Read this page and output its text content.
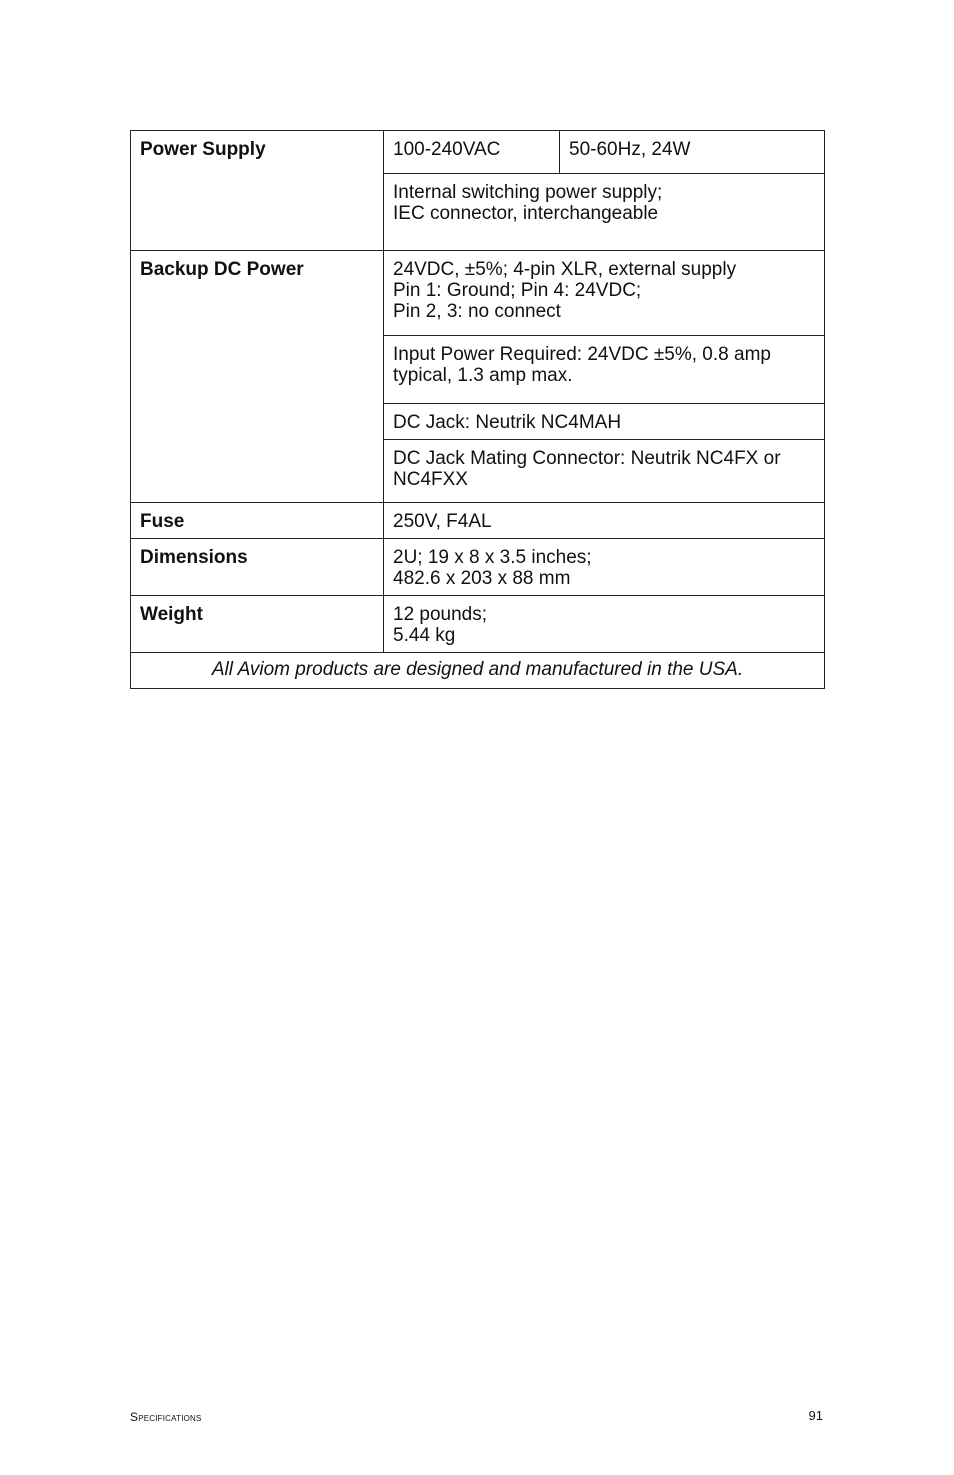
Power Supply	100-240VAC	50-60Hz, 24W

	Internal switching power supply;
IEC connector, interchangeable	

Backup DC Power	24VDC, ±5%; 4-pin XLR, external supply
Pin 1: Ground; Pin 4: 24VDC;
Pin 2, 3: no connect	

	Input Power Required: 24VDC ±5%, 0.8 amp typical, 1.3 amp max.	

	DC Jack: Neutrik NC4MAH	

	DC Jack Mating Connector: Neutrik NC4FX or NC4FXX	

Fuse	250V, F4AL	
Dimensions	2U; 19 x 8 x 3.5 inches;
482.6 x 203 x 88 mm	

Weight	12 pounds;
5.44 kg	

All Aviom products are designed and manufactured in the USA.		
Specifications	91
